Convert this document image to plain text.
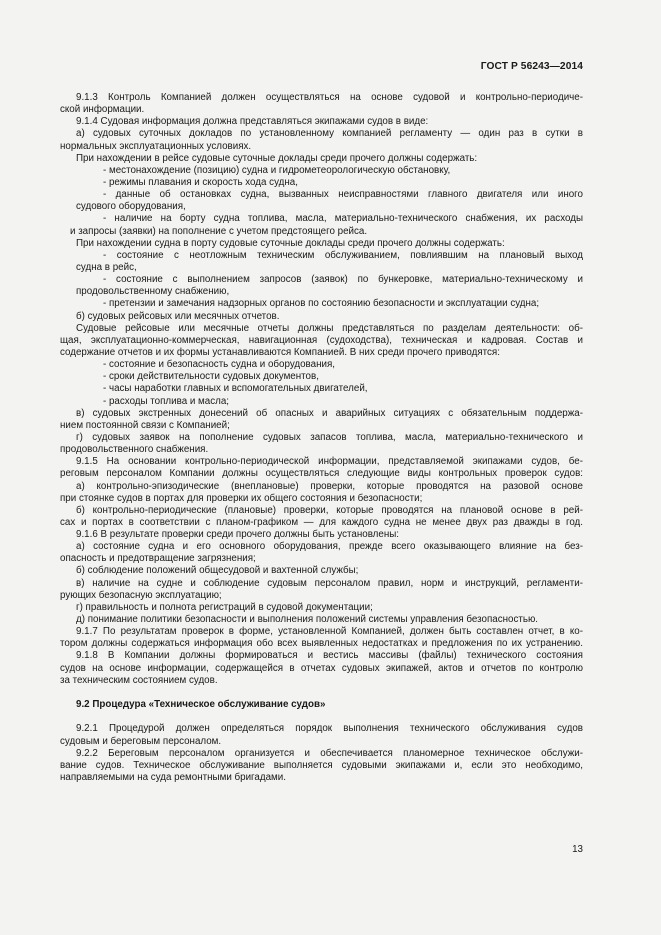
ГОСТ Р 56243—2014
9.1.3 Контроль Компанией должен осуществляться на основе судовой и контрольно-периодиче-
ской информации.
9.1.4 Судовая информация должна представляться экипажами судов в виде:
а) судовых суточных докладов по установленному компанией регламенту — один раз в сутки в
нормальных эксплуатационных условиях.
При нахождении в рейсе судовые суточные доклады среди прочего должны содержать:
- местонахождение (позицию) судна и гидрометеорологическую обстановку,
- режимы плавания и скорость хода судна,
- данные об остановках судна, вызванных неисправностями главного двигателя или иного
судового оборудования,
- наличие на борту судна топлива, масла, материально-технического снабжения, их расходы
и запросы (заявки) на пополнение с учетом предстоящего рейса.
При нахождении судна в порту судовые суточные доклады среди прочего должны содержать:
- состояние с неотложным техническим обслуживанием, повлиявшим на плановый выход
судна в рейс,
- состояние с выполнением запросов (заявок) по бункеровке, материально-техническому и
продовольственному снабжению,
- претензии и замечания надзорных органов по состоянию безопасности и эксплуатации судна;
б) судовых рейсовых или месячных отчетов.
Судовые рейсовые или месячные отчеты должны представляться по разделам деятельности: об-
щая, эксплуатационно-коммерческая, навигационная (судоходства), техническая и кадровая. Состав и
содержание отчетов и их формы устанавливаются Компанией. В них среди прочего приводятся:
- состояние и безопасность судна и оборудования,
- сроки действительности судовых документов,
- часы наработки главных и вспомогательных двигателей,
- расходы топлива и масла;
в) судовых экстренных донесений об опасных и аварийных ситуациях с обязательным поддержа-
нием постоянной связи с Компанией;
г) судовых заявок на пополнение судовых запасов топлива, масла, материально-технического и
продовольственного снабжения.
9.1.5 На основании контрольно-периодической информации, представляемой экипажами судов, бе-
реговым персоналом Компании должны осуществляться следующие виды контрольных проверок судов:
а) контрольно-эпизодические (внеплановые) проверки, которые проводятся на разовой основе
при стоянке судов в портах для проверки их общего состояния и безопасности;
б) контрольно-периодические (плановые) проверки, которые проводятся на плановой основе в рей-
сах и портах в соответствии с планом-графиком — для каждого судна не менее двух раз дважды в год.
9.1.6 В результате проверки среди прочего должны быть установлены:
а) состояние судна и его основного оборудования, прежде всего оказывающего влияние на без-
опасность и предотвращение загрязнения;
б) соблюдение положений общесудовой и вахтенной службы;
в) наличие на судне и соблюдение судовым персоналом правил, норм и инструкций, регламенти-
рующих безопасную эксплуатацию;
г) правильность и полнота регистраций в судовой документации;
д) понимание политики безопасности и выполнения положений системы управления безопасностью.
9.1.7 По результатам проверок в форме, установленной Компанией, должен быть составлен отчет, в ко-
тором должны содержаться информация обо всех выявленных недостатках и предложения по их устранению.
9.1.8 В Компании должны формироваться и вестись массивы (файлы) технического состояния
судов на основе информации, содержащейся в отчетах судовых экипажей, актов и отчетов по контролю
за техническим состоянием судов.
9.2 Процедура «Техническое обслуживание судов»
9.2.1 Процедурой должен определяться порядок выполнения технического обслуживания судов
судовым и береговым персоналом.
9.2.2 Береговым персоналом организуется и обеспечивается планомерное техническое обслужи-
вание судов. Техническое обслуживание выполняется судовыми экипажами и, если это необходимо,
направляемыми на суда ремонтными бригадами.
13
